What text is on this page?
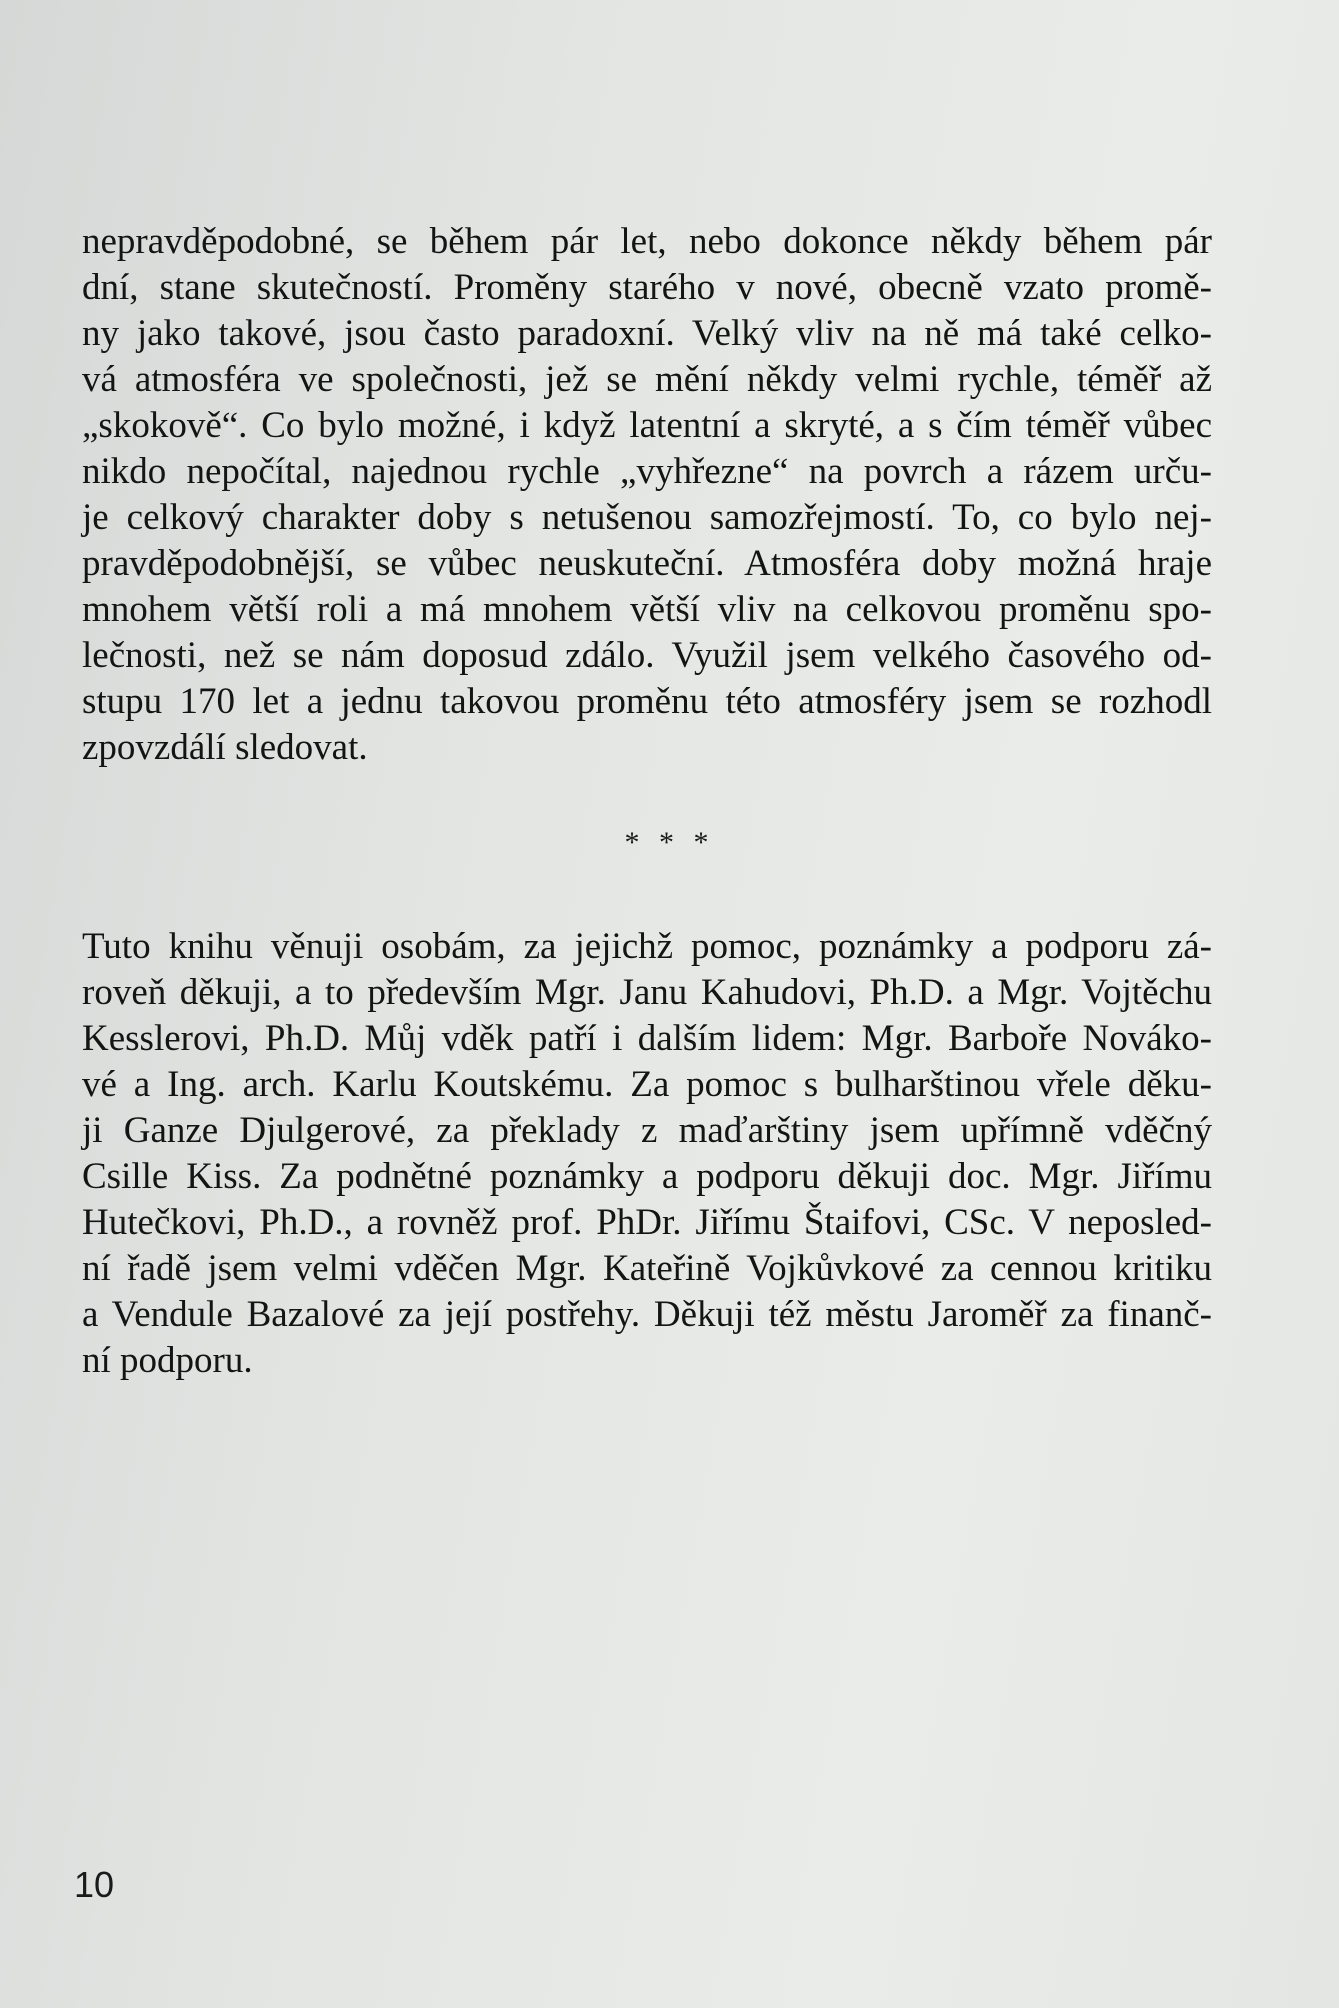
nepravděpodobné, se během pár let, nebo dokonce někdy během pár
dní, stane skutečností. Proměny starého v nové, obecně vzato promě-
ny jako takové, jsou často paradoxní. Velký vliv na ně má také celko-
vá atmosféra ve společnosti, jež se mění někdy velmi rychle, téměř až
„skokově“. Co bylo možné, i když latentní a skryté, a s čím téměř vůbec
nikdo nepočítal, najednou rychle „vyhřezne“ na povrch a rázem urču-
je celkový charakter doby s netušenou samozřejmostí. To, co bylo nej-
pravděpodobnější, se vůbec neuskuteční. Atmosféra doby možná hraje
mnohem větší roli a má mnohem větší vliv na celkovou proměnu spo-
lečnosti, než se nám doposud zdálo. Využil jsem velkého časového od-
stupu 170 let a jednu takovou proměnu této atmosféry jsem se rozhodl
zpovzdálí sledovat.

* * *

Tuto knihu věnuji osobám, za jejichž pomoc, poznámky a podporu zá-
roveň děkuji, a to především Mgr. Janu Kahudovi, Ph.D. a Mgr. Vojtěchu
Kesslerovi, Ph.D. Můj vděk patří i dalším lidem: Mgr. Barboře Nováko-
vé a Ing. arch. Karlu Koutskému. Za pomoc s bulharštinou vřele děku-
ji Ganze Djulgerové, za překlady z maďarštiny jsem upřímně vděčný
Csille Kiss. Za podnětné poznámky a podporu děkuji doc. Mgr. Jiřímu
Hutečkovi, Ph.D., a rovněž prof. PhDr. Jiřímu Štaifovi, CSc. V neposled-
ní řadě jsem velmi vděčen Mgr. Kateřině Vojkůvkové za cennou kritiku
a Vendule Bazalové za její postřehy. Děkuji též městu Jaroměř za finanč-
ní podporu.

10
